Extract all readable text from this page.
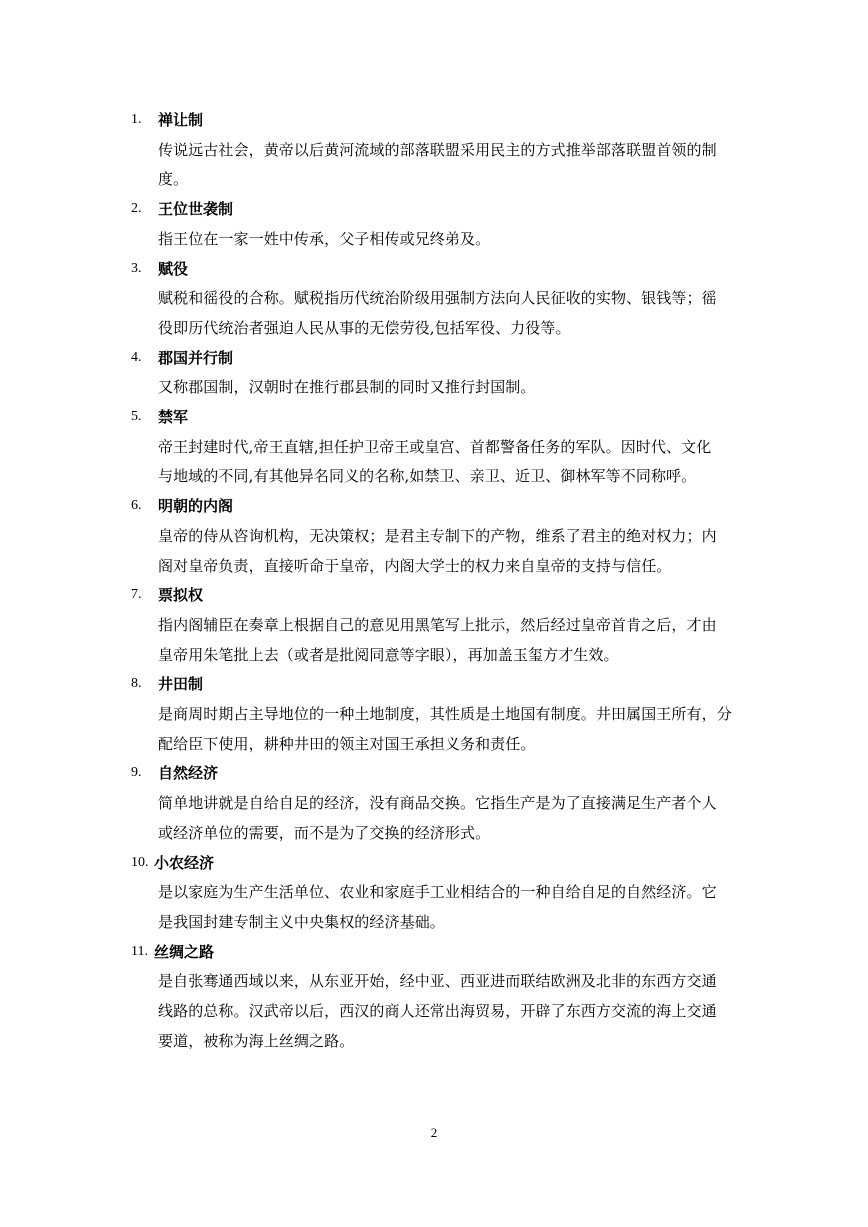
1. 禅让制
传说远古社会，黄帝以后黄河流域的部落联盟采用民主的方式推举部落联盟首领的制
度。
2. 王位世袭制
指王位在一家一姓中传承，父子相传或兄终弟及。
3. 赋役
赋税和徭役的合称。赋税指历代统治阶级用强制方法向人民征收的实物、银钱等；徭
役即历代统治者强迫人民从事的无偿劳役,包括军役、力役等。
4. 郡国并行制
又称郡国制，汉朝时在推行郡县制的同时又推行封国制。
5. 禁军
帝王封建时代,帝王直辖,担任护卫帝王或皇宫、首都警备任务的军队。因时代、文化
与地域的不同,有其他异名同义的名称,如禁卫、亲卫、近卫、御林军等不同称呼。
6. 明朝的内阁
皇帝的侍从咨询机构，无决策权；是君主专制下的产物，维系了君主的绝对权力；内
阁对皇帝负责，直接听命于皇帝，内阁大学士的权力来自皇帝的支持与信任。
7. 票拟权
指内阁辅臣在奏章上根据自己的意见用黑笔写上批示，然后经过皇帝首肯之后，才由
皇帝用朱笔批上去（或者是批阅同意等字眼），再加盖玉玺方才生效。
8. 井田制
是商周时期占主导地位的一种土地制度，其性质是土地国有制度。井田属国王所有，分
配给臣下使用，耕种井田的领主对国王承担义务和责任。
9. 自然经济
简单地讲就是自给自足的经济，没有商品交换。它指生产是为了直接满足生产者个人
或经济单位的需要，而不是为了交换的经济形式。
10. 小农经济
是以家庭为生产生活单位、农业和家庭手工业相结合的一种自给自足的自然经济。它
是我国封建专制主义中央集权的经济基础。
11. 丝绸之路
是自张骞通西域以来，从东亚开始，经中亚、西亚进而联结欧洲及北非的东西方交通
线路的总称。汉武帝以后，西汉的商人还常出海贸易，开辟了东西方交流的海上交通
要道，被称为海上丝绸之路。
2
